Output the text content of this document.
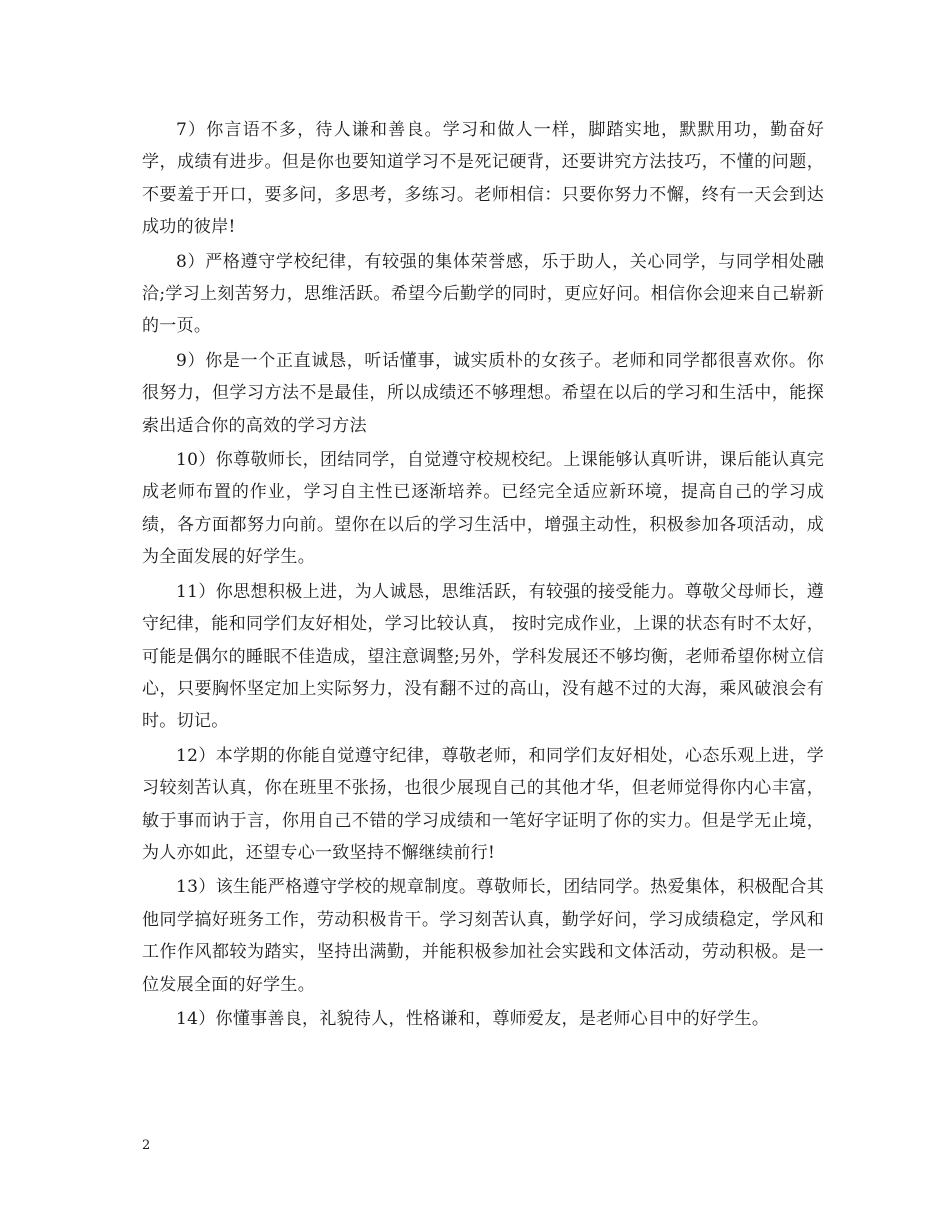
7）你言语不多，待人谦和善良。学习和做人一样，脚踏实地，默默用功，勤奋好学，成绩有进步。但是你也要知道学习不是死记硬背，还要讲究方法技巧，不懂的问题，不要羞于开口，要多问，多思考，多练习。老师相信：只要你努力不懈，终有一天会到达成功的彼岸!

8）严格遵守学校纪律，有较强的集体荣誉感，乐于助人，关心同学，与同学相处融洽;学习上刻苦努力，思维活跃。希望今后勤学的同时，更应好问。相信你会迎来自己崭新的一页。

9）你是一个正直诚恳，听话懂事，诚实质朴的女孩子。老师和同学都很喜欢你。你很努力，但学习方法不是最佳，所以成绩还不够理想。希望在以后的学习和生活中，能探索出适合你的高效的学习方法

10）你尊敬师长，团结同学，自觉遵守校规校纪。上课能够认真听讲，课后能认真完成老师布置的作业，学习自主性已逐渐培养。已经完全适应新环境，提高自己的学习成绩，各方面都努力向前。望你在以后的学习生活中，增强主动性，积极参加各项活动，成为全面发展的好学生。

11）你思想积极上进，为人诚恳，思维活跃，有较强的接受能力。尊敬父母师长，遵守纪律，能和同学们友好相处，学习比较认真， 按时完成作业，上课的状态有时不太好，可能是偶尔的睡眠不佳造成，望注意调整;另外，学科发展还不够均衡，老师希望你树立信心，只要胸怀坚定加上实际努力，没有翻不过的高山，没有越不过的大海，乘风破浪会有时。切记。

12）本学期的你能自觉遵守纪律，尊敬老师，和同学们友好相处，心态乐观上进，学习较刻苦认真，你在班里不张扬，也很少展现自己的其他才华，但老师觉得你内心丰富，敏于事而讷于言，你用自己不错的学习成绩和一笔好字证明了你的实力。但是学无止境，为人亦如此，还望专心一致坚持不懈继续前行!

13）该生能严格遵守学校的规章制度。尊敬师长，团结同学。热爱集体，积极配合其他同学搞好班务工作，劳动积极肯干。学习刻苦认真，勤学好问，学习成绩稳定，学风和工作作风都较为踏实，坚持出满勤，并能积极参加社会实践和文体活动，劳动积极。是一位发展全面的好学生。

14）你懂事善良，礼貌待人，性格谦和，尊师爱友，是老师心目中的好学生。

2
